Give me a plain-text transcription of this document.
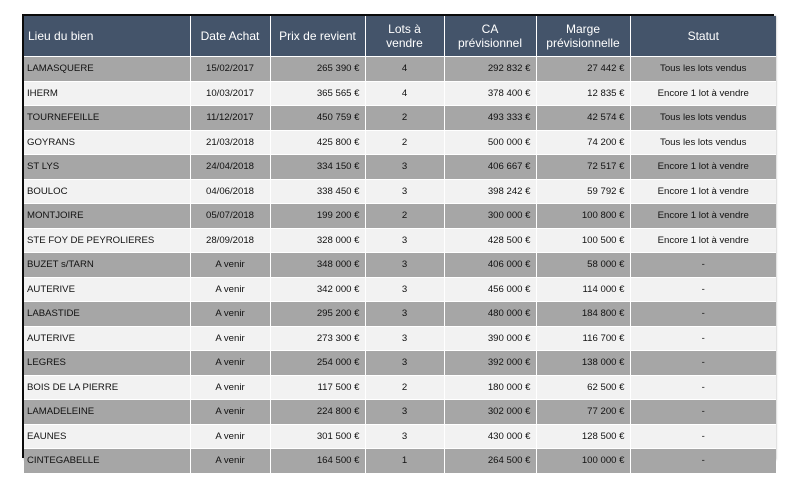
Lieu du bien	Date Achat	Prix de revient	Lots à vendre	CA prévisionnel	Marge prévisionnelle	Statut
LAMASQUERE	15/02/2017	265 390 €	4	292 832 €	27 442 €	Tous les lots vendus
IHERM	10/03/2017	365 565 €	4	378 400 €	12 835 €	Encore 1 lot à vendre
TOURNEFEILLE	11/12/2017	450 759 €	2	493 333 €	42 574 €	Tous les lots vendus
GOYRANS	21/03/2018	425 800 €	2	500 000 €	74 200 €	Tous les lots vendus
ST LYS	24/04/2018	334 150 €	3	406 667 €	72 517 €	Encore 1 lot à vendre
BOULOC	04/06/2018	338 450 €	3	398 242 €	59 792 €	Encore 1 lot à vendre
MONTJOIRE	05/07/2018	199 200 €	2	300 000 €	100 800 €	Encore 1 lot à vendre
STE FOY DE PEYROLIERES	28/09/2018	328 000 €	3	428 500 €	100 500 €	Encore 1 lot à vendre
BUZET s/TARN	A venir	348 000 €	3	406 000 €	58 000 €	-
AUTERIVE	A venir	342 000 €	3	456 000 €	114 000 €	-
LABASTIDE	A venir	295 200 €	3	480 000 €	184 800 €	-
AUTERIVE	A venir	273 300 €	3	390 000 €	116 700 €	-
LEGRES	A venir	254 000 €	3	392 000 €	138 000 €	-
BOIS DE LA PIERRE	A venir	117 500 €	2	180 000 €	62 500 €	-
LAMADELEINE	A venir	224 800 €	3	302 000 €	77 200 €	-
EAUNES	A venir	301 500 €	3	430 000 €	128 500 €	-
CINTEGABELLE	A venir	164 500 €	1	264 500 €	100 000 €	-
